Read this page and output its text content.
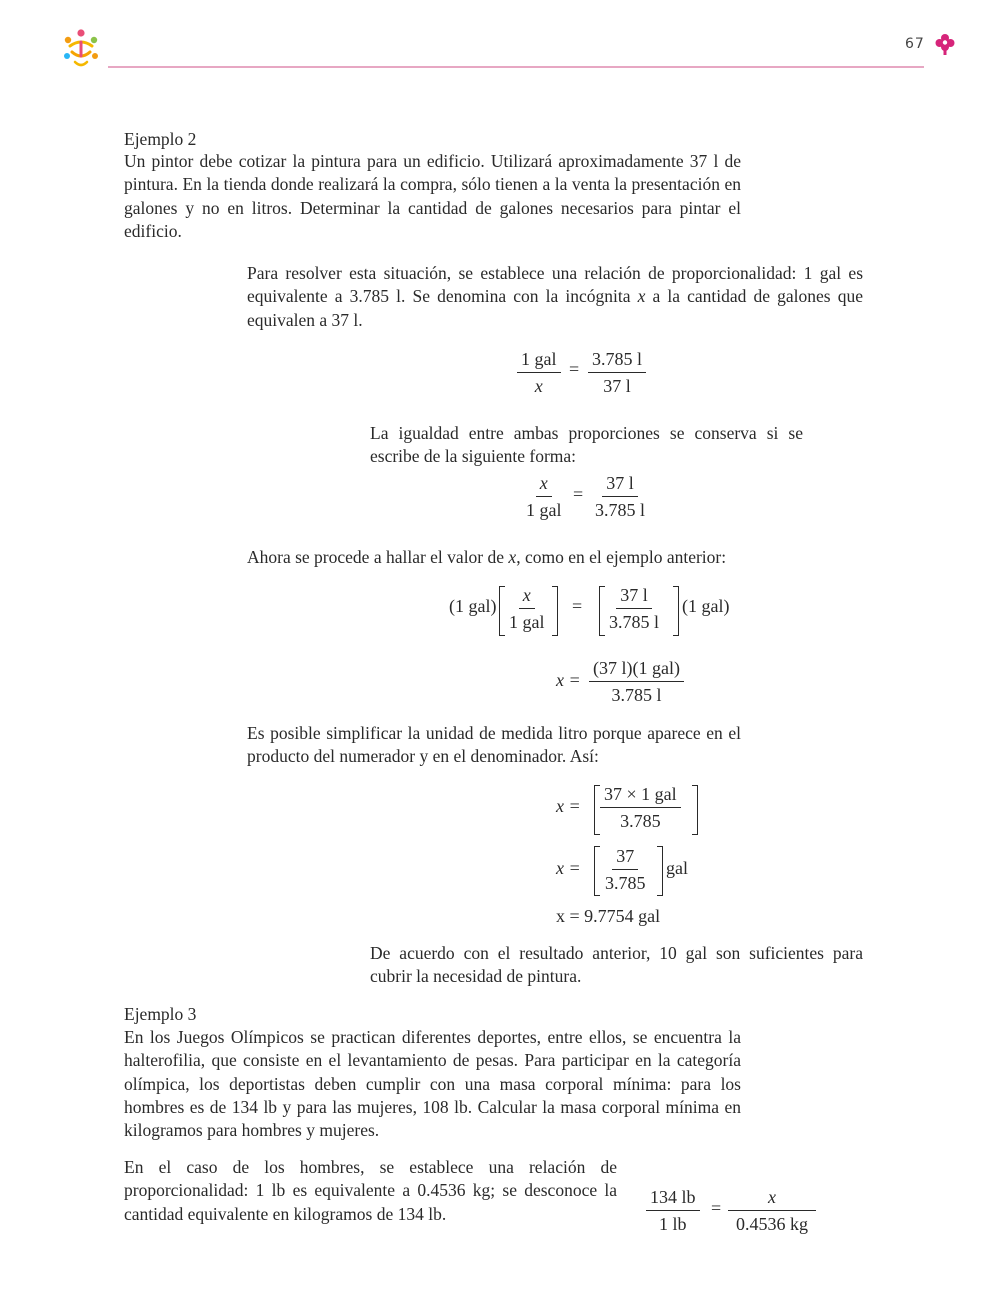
67
Ejemplo 2

Un pintor debe cotizar la pintura para un edificio. Utilizará aproximadamente 37 l de pintura. En la tienda donde realizará la compra, sólo tienen a la venta la presentación en galones y no en litros. Determinar la cantidad de galones necesarios para pintar el edificio.

Para resolver esta situación, se establece una relación de proporcionalidad: 1 gal es equivalente a 3.785 l. Se denomina con la incógnita x a la cantidad de galones que equivalen a 37 l.

1 gal
x
= $\frac{3.785 l}{37 l}$

La igualdad entre ambas proporciones se conserva si se escribe de la siguiente forma:

x
1 gal
= $\frac{37 l}{3.785 l}$

Ahora se procede a hallar el valor de x, como en el ejemplo anterior:

(1 gal)
x
1 gal
= $\frac{37 l}{3.785 l} (1$ gal)
x =
(37 l)(1 gal)
3.785 l

Es posible simplificar la unidad de medida litro porque aparece en el producto del numerador y en el denominador. Así:

x =
37 × 1 gal
3.785
$x = \frac{37}{3.785}$ gal
x = 9.7754 gal

De acuerdo con el resultado anterior, 10 gal son suficientes para cubrir la necesidad de pintura.

Ejemplo 3

En los Juegos Olímpicos se practican diferentes deportes, entre ellos, se encuentra la halterofilia, que consiste en el levantamiento de pesas. Para participar en la categoría olímpica, los deportistas deben cumplir con una masa corporal mínima: para los hombres es de 134 lb y para las mujeres, 108 lb. Calcular la masa corporal mínima en kilogramos para hombres y mujeres.

En el caso de los hombres, se establece una relación de proporcionalidad: 1 lb es equivalente a 0.4536 kg; se desconoce la cantidad equivalente en kilogramos de 134 lb.	$\frac{134 lb}{1 lb} = \frac{x}{0.4536 kg}$
